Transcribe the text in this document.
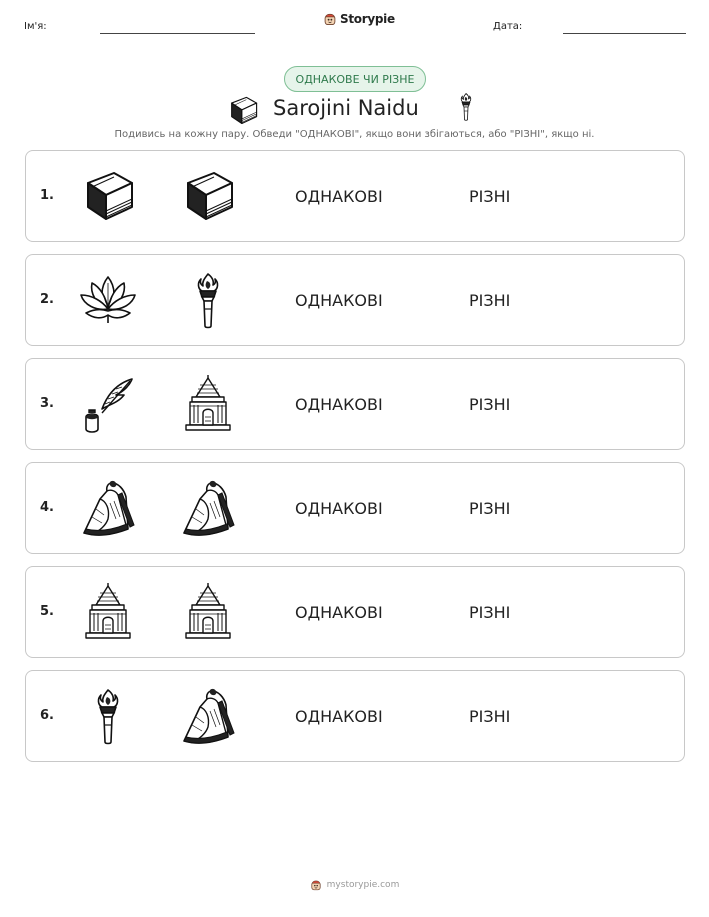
Ім'я:
Storypie
Дата:
ОДНАКОВЕ ЧИ РІЗНЕ
Sarojini Naidu
Подивись на кожну пару. Обведи "ОДНАКОВІ", якщо вони збігаються, або "РІЗНІ", якщо ні.
1.	ОДНАКОВІ	РІЗНІ
2.	ОДНАКОВІ	РІЗНІ
3.	ОДНАКОВІ	РІЗНІ
4.	ОДНАКОВІ	РІЗНІ
5.	ОДНАКОВІ	РІЗНІ
6.	ОДНАКОВІ	РІЗНІ
mystorypie.com
